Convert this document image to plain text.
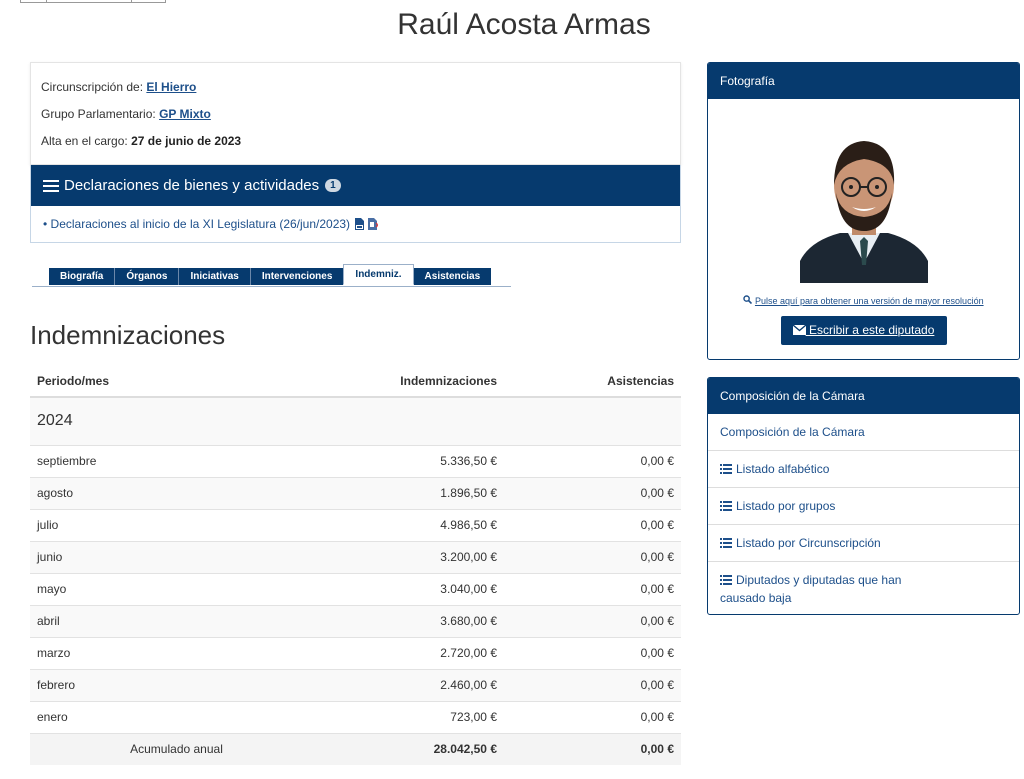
Raúl Acosta Armas
Circunscripción de: El Hierro
Grupo Parlamentario: GP Mixto
Alta en el cargo: 27 de junio de 2023
Declaraciones de bienes y actividades	1
• Declaraciones al inicio de la XI Legislatura (26/jun/2023)
Biografía	Órganos	Iniciativas	Intervenciones	Indemniz.	Asistencias
Indemnizaciones
Periodo/mes	Indemnizaciones	Asistencias
2024		
septiembre	5.336,50 €	0,00 €
agosto	1.896,50 €	0,00 €
julio	4.986,50 €	0,00 €
junio	3.200,00 €	0,00 €
mayo	3.040,00 €	0,00 €
abril	3.680,00 €	0,00 €
marzo	2.720,00 €	0,00 €
febrero	2.460,00 €	0,00 €
enero	723,00 €	0,00 €
Acumulado anual	28.042,50 €	0,00 €
Fotografía
Pulse aquí para obtener una versión de mayor resolución
Escribir a este diputado
Composición de la Cámara
Composición de la Cámara
Listado alfabético
Listado por grupos
Listado por Circunscripción
Diputados y diputadas que han causado baja
